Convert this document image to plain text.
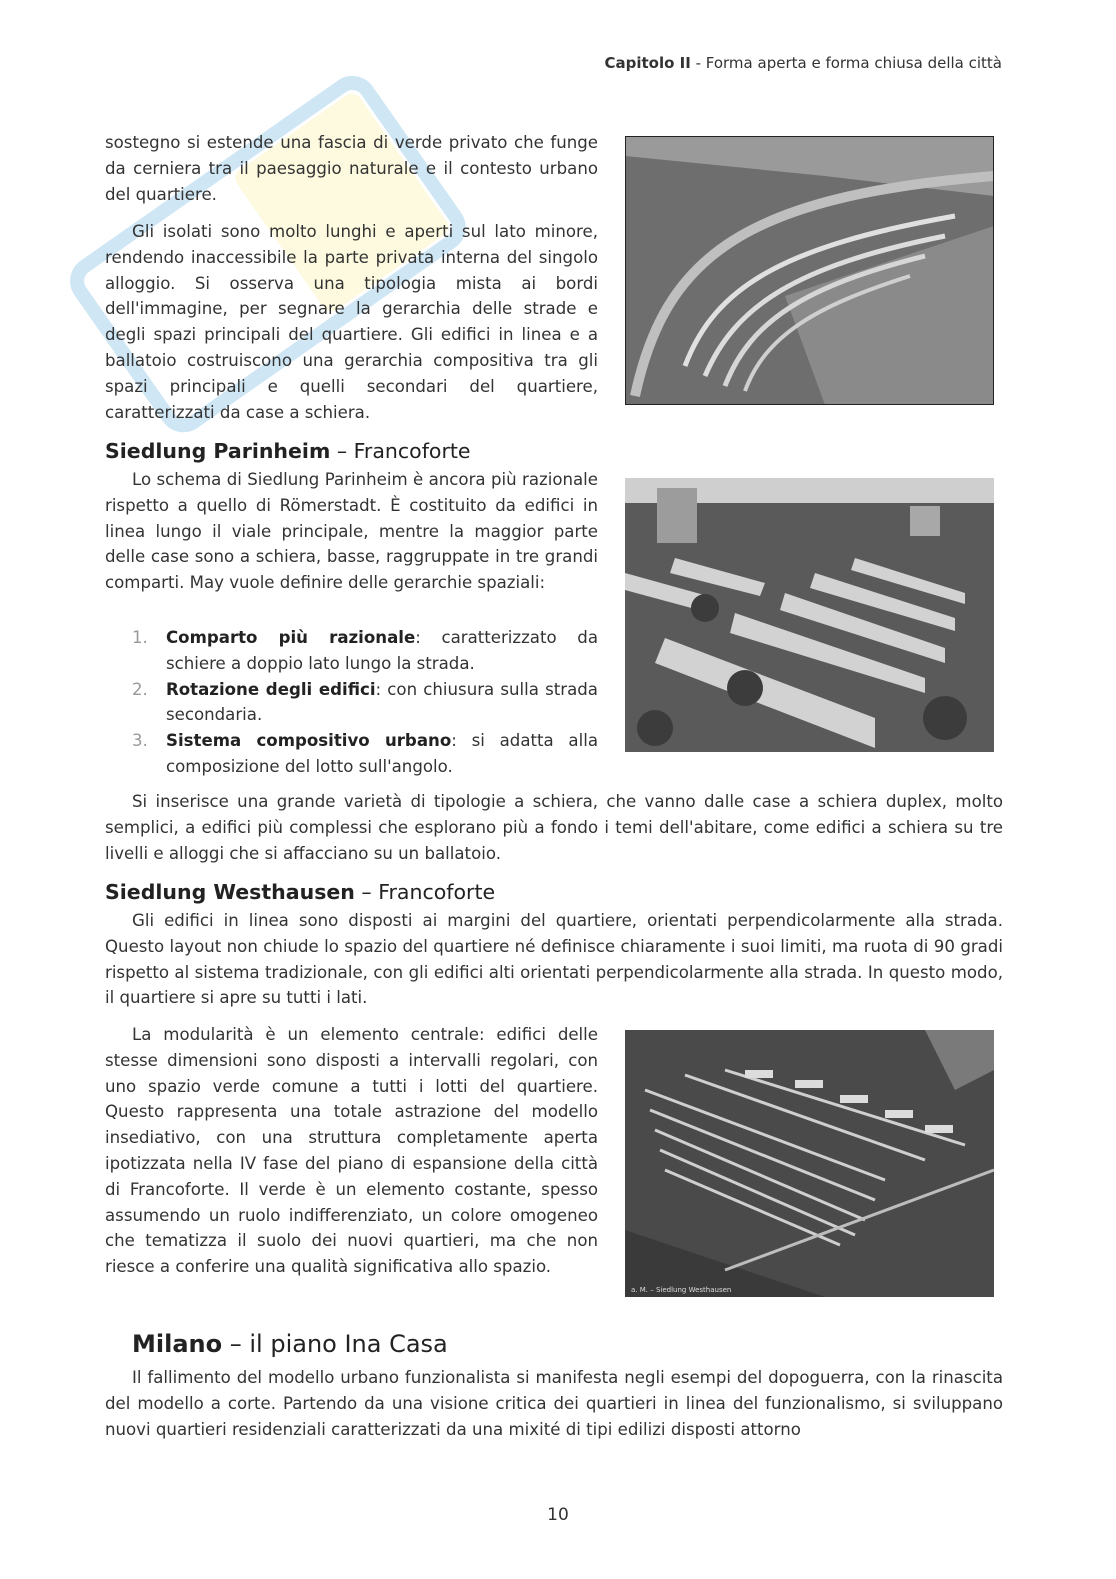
Capitolo II - Forma aperta e forma chiusa della città

sostegno si estende una fascia di verde privato che funge da cerniera tra il paesaggio naturale e il contesto urbano del quartiere.

Gli isolati sono molto lunghi e aperti sul lato minore, rendendo inaccessibile la parte privata interna del singolo alloggio. Si osserva una tipologia mista ai bordi dell'immagine, per segnare la gerarchia delle strade e degli spazi principali del quartiere. Gli edifici in linea e a ballatoio costruiscono una gerarchia compositiva tra gli spazi principali e quelli secondari del quartiere, caratterizzati da case a schiera.

Siedlung Parinheim – Francoforte

Lo schema di Siedlung Parinheim è ancora più razionale rispetto a quello di Römerstadt. È costituito da edifici in linea lungo il viale principale, mentre la maggior parte delle case sono a schiera, basse, raggruppate in tre grandi comparti. May vuole definire delle gerarchie spaziali:

1. Comparto più razionale: caratterizzato da schiere a doppio lato lungo la strada.
2. Rotazione degli edifici: con chiusura sulla strada secondaria.
3. Sistema compositivo urbano: si adatta alla composizione del lotto sull'angolo.

Si inserisce una grande varietà di tipologie a schiera, che vanno dalle case a schiera duplex, molto semplici, a edifici più complessi che esplorano più a fondo i temi dell'abitare, come edifici a schiera su tre livelli e alloggi che si affacciano su un ballatoio.

Siedlung Westhausen – Francoforte

Gli edifici in linea sono disposti ai margini del quartiere, orientati perpendicolarmente alla strada. Questo layout non chiude lo spazio del quartiere né definisce chiaramente i suoi limiti, ma ruota di 90 gradi rispetto al sistema tradizionale, con gli edifici alti orientati perpendicolarmente alla strada. In questo modo, il quartiere si apre su tutti i lati.

La modularità è un elemento centrale: edifici delle stesse dimensioni sono disposti a intervalli regolari, con uno spazio verde comune a tutti i lotti del quartiere. Questo rappresenta una totale astrazione del modello insediativo, con una struttura completamente aperta ipotizzata nella IV fase del piano di espansione della città di Francoforte. Il verde è un elemento costante, spesso assumendo un ruolo indifferenziato, un colore omogeneo che tematizza il suolo dei nuovi quartieri, ma che non riesce a conferire una qualità significativa allo spazio.

a. M. – Siedlung Westhausen
Milano – il piano Ina Casa

Il fallimento del modello urbano funzionalista si manifesta negli esempi del dopoguerra, con la rinascita del modello a corte. Partendo da una visione critica dei quartieri in linea del funzionalismo, si sviluppano nuovi quartieri residenziali caratterizzati da una mixité di tipi edilizi disposti attorno

10
